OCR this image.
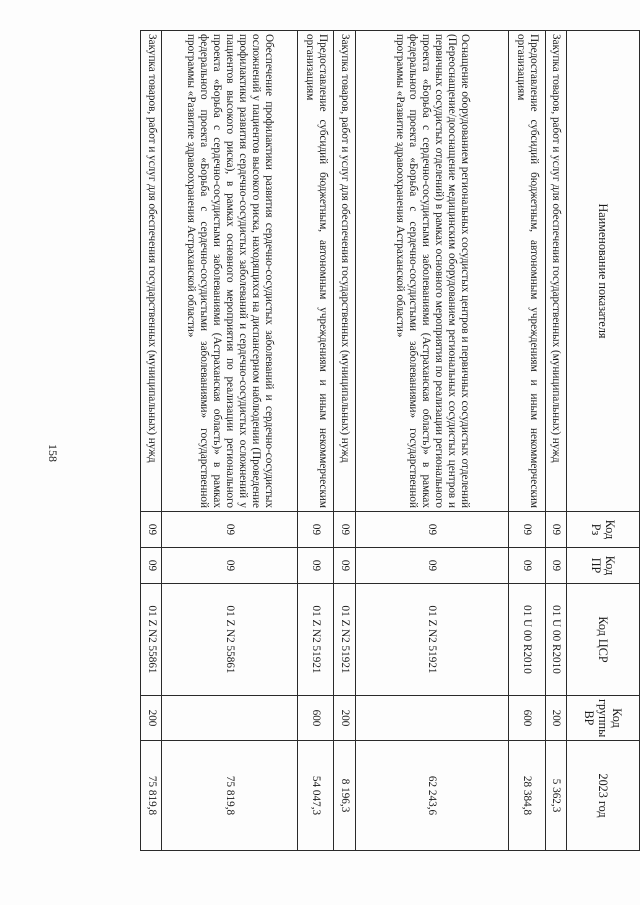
158
Наименование показателя	Код Рз	Код ПР	Код ЦСР	Код группы ВР	2023 год
Закупка товаров, работ и услуг для обеспечения государственных (муниципальных) нужд	09	09	01 U 00 R2010	200	5 362,3
Предоставление субсидий бюджетным, автономным учреждениям и иным некоммерческим организациям	09	09	01 U 00 R2010	600	28 384,8
Оснащение оборудованием региональных сосудистых центров и первичных сосудистых отделений (Переоснащение/дооснащение медицинским оборудованием региональных сосудистых центров и первичных сосудистых отделений) в рамках основного мероприятия по реализации регионального проекта «Борьба с сердечно-сосудистыми заболеваниями (Астраханская область)» в рамках федерального проекта «Борьба с сердечно-сосудистыми заболеваниями» государственной программы «Развитие здравоохранения Астраханской области»	09	09	01 Z N2 51921		62 243,6
Закупка товаров, работ и услуг для обеспечения государственных (муниципальных) нужд	09	09	01 Z N2 51921	200	8 196,3
Предоставление субсидий бюджетным, автономным учреждениям и иным некоммерческим организациям	09	09	01 Z N2 51921	600	54 047,3
Обеспечение профилактики развития сердечно-сосудистых заболеваний и сердечно-сосудистых осложнений у пациентов высокого риска, находящихся на диспансерном наблюдении (Проведение профилактики развития сердечно-сосудистых заболеваний и сердечно-сосудистых осложнений у пациентов высокого риска), в рамках основного мероприятия по реализации регионального проекта «Борьба с сердечно-сосудистыми заболеваниями (Астраханская область)» в рамках федерального проекта «Борьба с сердечно-сосудистыми заболеваниями» государственной программы «Развитие здравоохранения Астраханской области»	09	09	01 Z N2 55861		75 819,8
Закупка товаров, работ и услуг для обеспечения государственных (муниципальных) нужд	09	09	01 Z N2 55861	200	75 819,8
